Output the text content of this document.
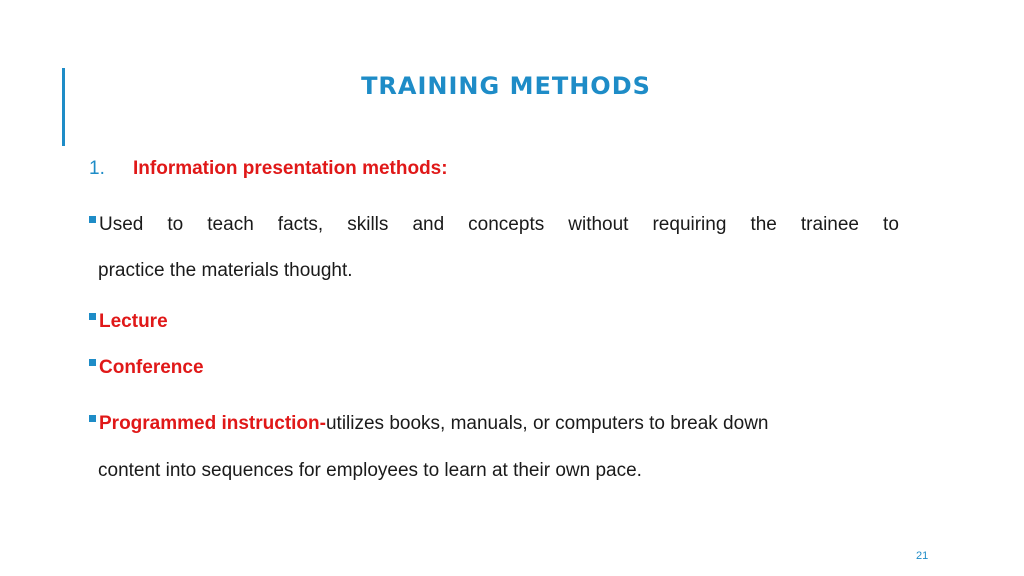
TRAINING METHODS
1.	Information presentation methods:
Used to teach facts, skills and concepts without requiring the trainee to
practice the materials thought.
Lecture
Conference
Programmed instruction- utilizes books, manuals, or computers to break down
content into sequences for employees to learn at their own pace.
21
